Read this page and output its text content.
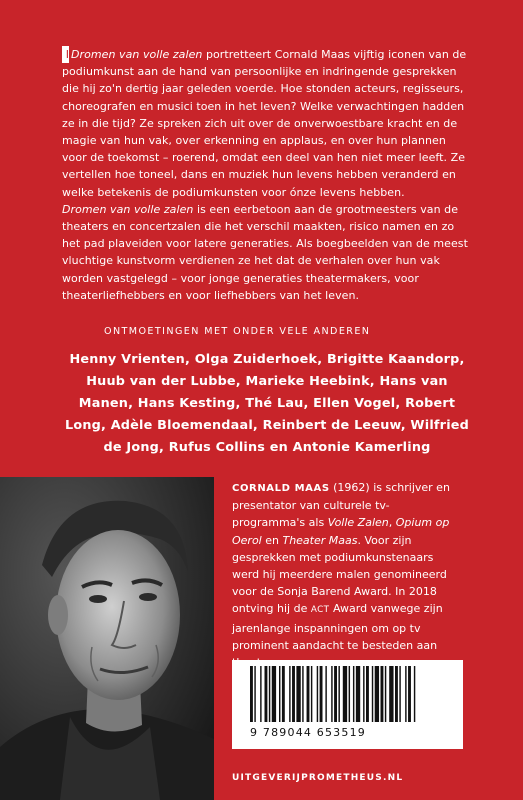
I Dromen van volle zalen portretteert Cornald Maas vijftig iconen van de podiumkunst aan de hand van persoonlijke en indringende gesprekken die hij zo'n dertig jaar geleden voerde. Hoe stonden acteurs, regisseurs, choreografen en musici toen in het leven? Welke verwachtingen hadden ze in die tijd? Ze spreken zich uit over de onverwoestbare kracht en de magie van hun vak, over erkenning en applaus, en over hun plannen voor de toekomst – roerend, omdat een deel van hen niet meer leeft. Ze vertellen hoe toneel, dans en muziek hun levens hebben veranderd en welke betekenis de podiumkunsten voor ónze levens hebben.

Dromen van volle zalen is een eerbetoon aan de grootmeesters van de theaters en concertzalen die het verschil maakten, risico namen en zo het pad plaveiden voor latere generaties. Als boegbeelden van de meest vluchtige kunstvorm verdienen ze het dat de verhalen over hun vak worden vastgelegd – voor jonge generaties theatermakers, voor theaterliefhebbers en voor liefhebbers van het leven.

ONTMOETINGEN MET ONDER VELE ANDEREN
Henny Vrienten, Olga Zuiderhoek, Brigitte Kaandorp, Huub van der Lubbe, Marieke Heebink, Hans van Manen, Hans Kesting, Thé Lau, Ellen Vogel, Robert Long, Adèle Bloemendaal, Reinbert de Leeuw, Wilfried de Jong, Rufus Collins en Antonie Kamerling

CORNALD MAAS (1962) is schrijver en presentator van culturele tv-programma's als Volle Zalen, Opium op Oerol en Theater Maas. Voor zijn gesprekken met podiumkunstenaars werd hij meerdere malen genomineerd voor de Sonja Barend Award. In 2018 ontving hij de ACT Award vanwege zijn jarenlange inspanningen om op tv prominent aandacht te besteden aan

9 789044 653519
UITGEVERIJPROMETHEUS.NL
